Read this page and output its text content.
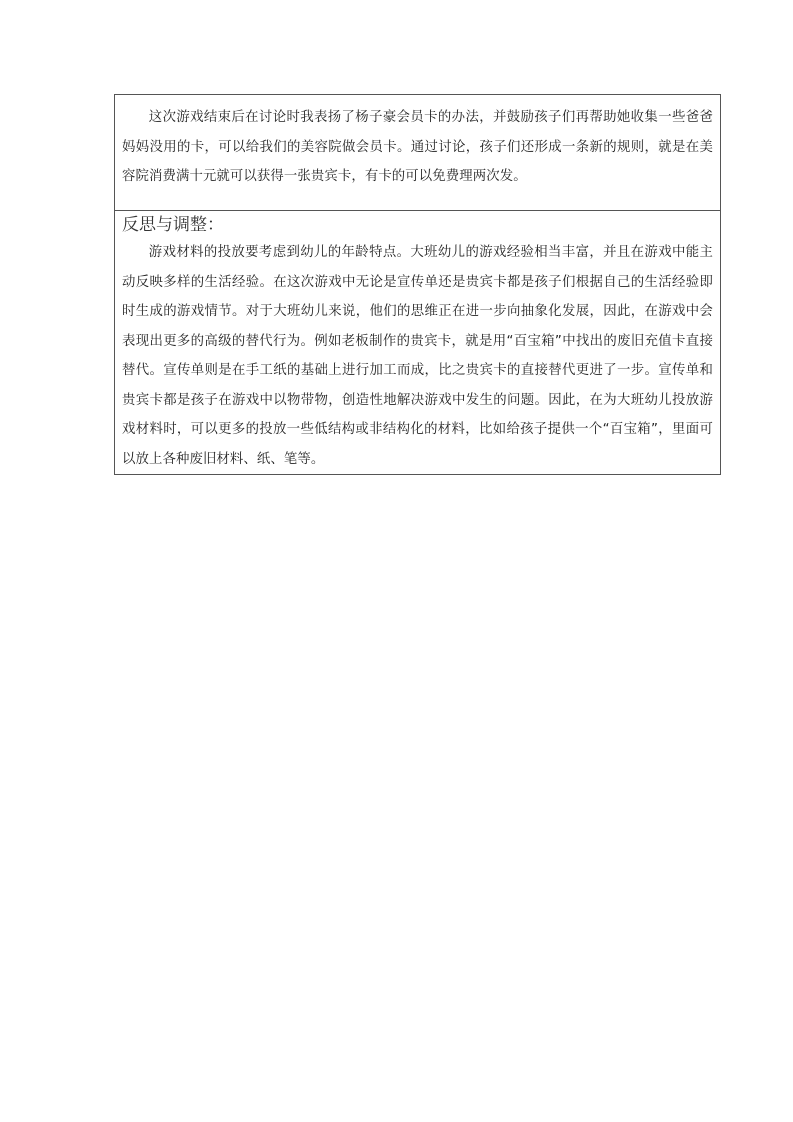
这次游戏结束后在讨论时我表扬了杨子豪会员卡的办法，并鼓励孩子们再帮助她收集一些爸爸妈妈没用的卡，可以给我们的美容院做会员卡。通过讨论，孩子们还形成一条新的规则，就是在美容院消费满十元就可以获得一张贵宾卡，有卡的可以免费理两次发。

反思与调整：

游戏材料的投放要考虑到幼儿的年龄特点。大班幼儿的游戏经验相当丰富，并且在游戏中能主动反映多样的生活经验。在这次游戏中无论是宣传单还是贵宾卡都是孩子们根据自己的生活经验即时生成的游戏情节。对于大班幼儿来说，他们的思维正在进一步向抽象化发展，因此，在游戏中会表现出更多的高级的替代行为。例如老板制作的贵宾卡，就是用“百宝箱”中找出的废旧充值卡直接替代。宣传单则是在手工纸的基础上进行加工而成，比之贵宾卡的直接替代更进了一步。宣传单和贵宾卡都是孩子在游戏中以物带物，创造性地解决游戏中发生的问题。因此，在为大班幼儿投放游戏材料时，可以更多的投放一些低结构或非结构化的材料，比如给孩子提供一个“百宝箱”，里面可以放上各种废旧材料、纸、笔等。
